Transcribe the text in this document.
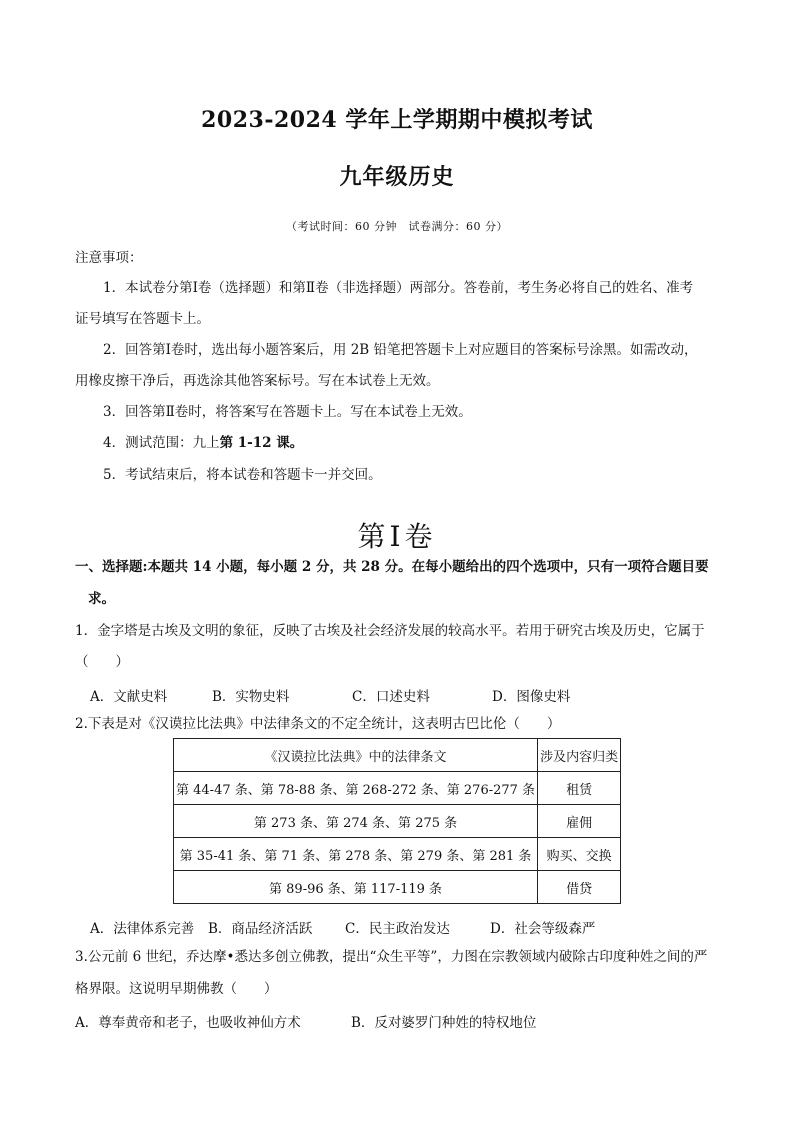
2023-2024 学年上学期期中模拟考试
九年级历史
（考试时间：60 分钟　试卷满分：60 分）
注意事项：
1．本试卷分第Ⅰ卷（选择题）和第Ⅱ卷（非选择题）两部分。答卷前，考生务必将自己的姓名、准考
证号填写在答题卡上。
2．回答第Ⅰ卷时，选出每小题答案后，用 2B 铅笔把答题卡上对应题目的答案标号涂黑。如需改动，
用橡皮擦干净后，再选涂其他答案标号。写在本试卷上无效。
3．回答第Ⅱ卷时，将答案写在答题卡上。写在本试卷上无效。
4．测试范围：九上第 1-12 课。
5．考试结束后，将本试卷和答题卡一并交回。
第Ⅰ卷
一、选择题:本题共 14 小题，每小题 2 分，共 28 分。在每小题给出的四个选项中，只有一项符合题目要
求。
1．金字塔是古埃及文明的象征，反映了古埃及社会经济发展的较高水平。若用于研究古埃及历史，它属于
（　　）
A．文献史料	B．实物史料	C．口述史料	D．图像史料
2.下表是对《汉谟拉比法典》中法律条文的不定全统计，这表明古巴比伦（　　）
《汉谟拉比法典》中的法律条文	涉及内容归类
第 44-47 条、第 78-88 条、第 268-272 条、第 276-277 条	租赁
第 273 条、第 274 条、第 275 条	雇佣
第 35-41 条、第 71 条、第 278 条、第 279 条、第 281 条	购买、交换
第 89-96 条、第 117-119 条	借贷
A．法律体系完善 B．商品经济活跃 C．民主政治发达	D．社会等级森严
3.公元前 6 世纪，乔达摩•悉达多创立佛教，提出“众生平等”，力图在宗教领域内破除古印度种姓之间的严
格界限。这说明早期佛教（　　）
A．尊奉黄帝和老子，也吸收神仙方术	B．反对婆罗门种姓的特权地位
